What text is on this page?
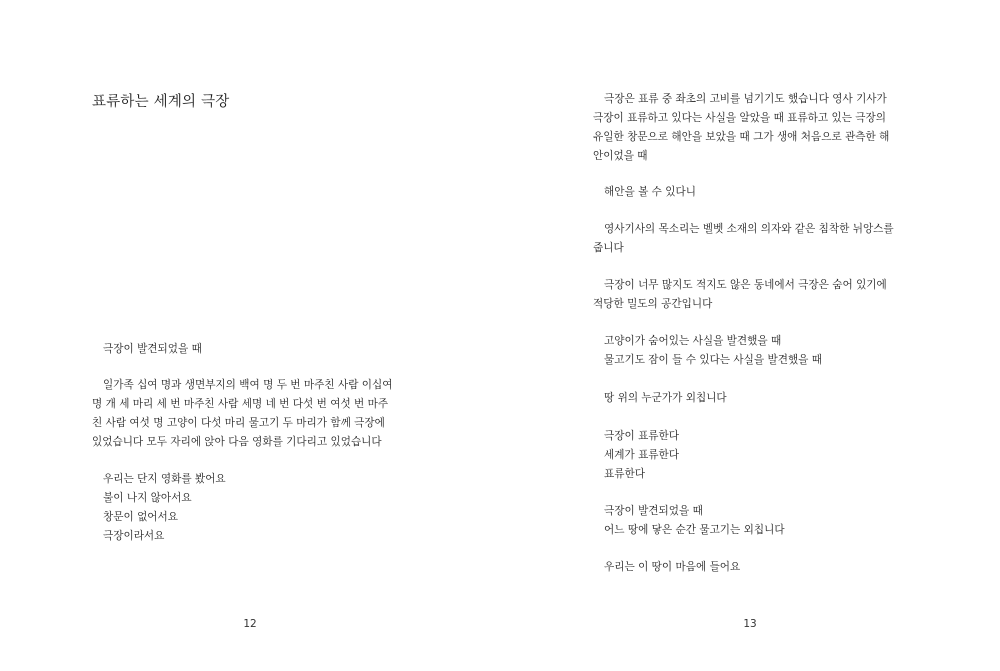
표류하는 세계의 극장
극장이 발견되었을 때
일가족 십여 명과 생면부지의 백여 명 두 번 마주친 사람 이십여
명 개 세 마리 세 번 마주친 사람 세명 네 번 다섯 번 여섯 번 마주
친 사람 여섯 명 고양이 다섯 마리 물고기 두 마리가 함께 극장에
있었습니다 모두 자리에 앉아 다음 영화를 기다리고 있었습니다
우리는 단지 영화를 봤어요
불이 나지 않아서요
창문이 없어서요
극장이라서요
12
극장은 표류 중 좌초의 고비를 넘기기도 했습니다 영사 기사가
극장이 표류하고 있다는 사실을 알았을 때 표류하고 있는 극장의
유일한 창문으로 해안을 보았을 때 그가 생애 처음으로 관측한 해
안이었을 때
해안을 볼 수 있다니
영사기사의 목소리는 벨벳 소재의 의자와 같은 침착한 뉘앙스를
줍니다
극장이 너무 많지도 적지도 않은 동네에서 극장은 숨어 있기에
적당한 밀도의 공간입니다
고양이가 숨어있는 사실을 발견했을 때
물고기도 잠이 들 수 있다는 사실을 발견했을 때
땅 위의 누군가가 외칩니다
극장이 표류한다
세계가 표류한다
표류한다
극장이 발견되었을 때
어느 땅에 닿은 순간 물고기는 외칩니다
우리는 이 땅이 마음에 들어요
13
